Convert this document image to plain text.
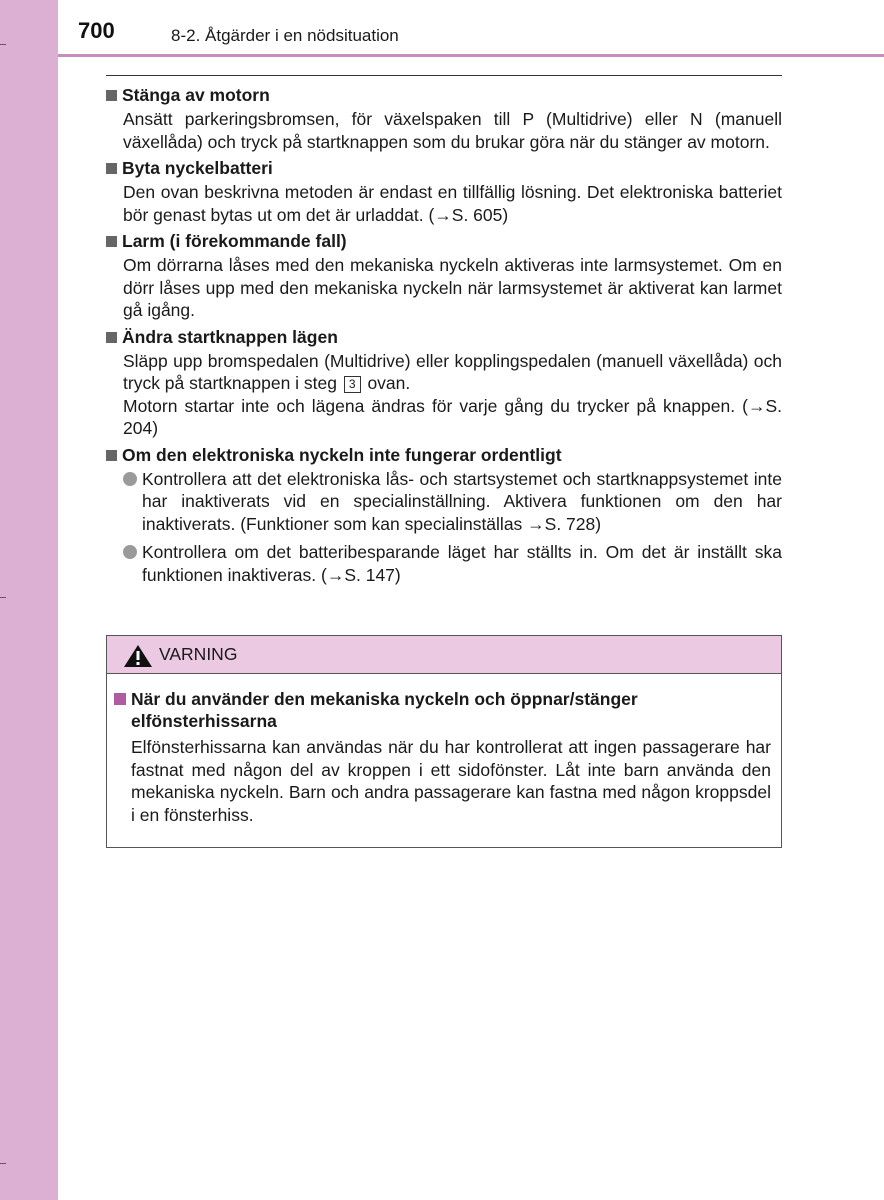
700	8-2. Åtgärder i en nödsituation
Stänga av motorn
Ansätt parkeringsbromsen, för växelspaken till P (Multidrive) eller N (manuell växellåda) och tryck på startknappen som du brukar göra när du stänger av motorn.
Byta nyckelbatteri
Den ovan beskrivna metoden är endast en tillfällig lösning. Det elektroniska batteriet bör genast bytas ut om det är urladdat. (→S. 605)
Larm (i förekommande fall)
Om dörrarna låses med den mekaniska nyckeln aktiveras inte larmsystemet. Om en dörr låses upp med den mekaniska nyckeln när larmsystemet är aktiverat kan larmet gå igång.
Ändra startknappen lägen
Släpp upp bromspedalen (Multidrive) eller kopplingspedalen (manuell växellåda) och tryck på startknappen i steg 3 ovan.
Motorn startar inte och lägena ändras för varje gång du trycker på knappen. (→S. 204)
Om den elektroniska nyckeln inte fungerar ordentligt
Kontrollera att det elektroniska lås- och startsystemet och startknappsystemet inte har inaktiverats vid en specialinställning. Aktivera funktionen om den har inaktiverats. (Funktioner som kan specialinställas →S. 728)
Kontrollera om det batteribesparande läget har ställts in. Om det är inställt ska funktionen inaktiveras. (→S. 147)
VARNING
När du använder den mekaniska nyckeln och öppnar/stänger elfönsterhissarna
Elfönsterhissarna kan användas när du har kontrollerat att ingen passagerare har fastnat med någon del av kroppen i ett sidofönster. Låt inte barn använda den mekaniska nyckeln. Barn och andra passagerare kan fastna med någon kroppsdel i en fönsterhiss.
